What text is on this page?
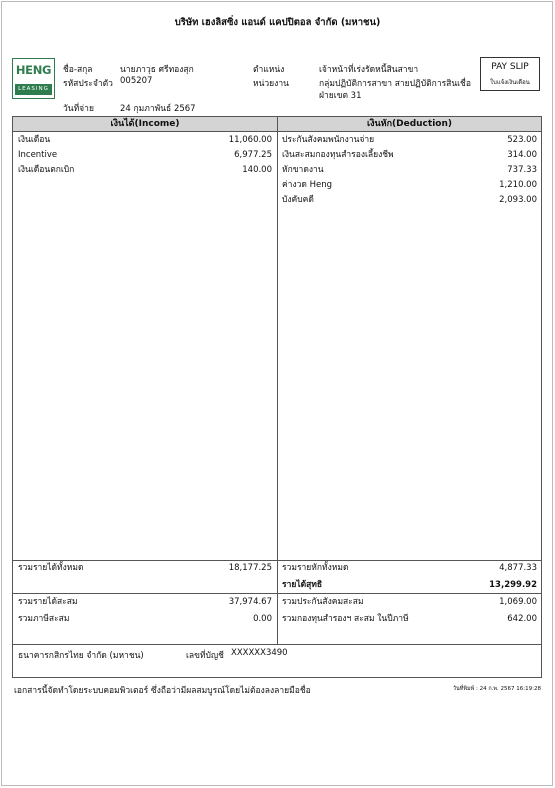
บริษัท เฮงลิสซิ่ง แอนด์ แคปปิตอล จำกัด (มหาชน)
HENG
LEASING
ชื่อ-สกุล	นายภาวุธ ศรีทองสุก
รหัสประจำตัว 005207
วันที่จ่าย	24 กุมภาพันธ์ 2567
ตำแหน่ง	เจ้าหน้าที่เร่งรัดหนี้สินสาขา
หน่วยงาน	กลุ่มปฏิบัติการสาขา สายปฏิบัติการสินเชื่อ
ฝ่ายเขต 31
PAY SLIP
ใบแจ้งเงินเดือน
เงินได้(Income)	เงินหัก(Deduction)
เงินเดือน	11,060.00
Incentive	6,977.25
เงินเดือนตกเบิก	140.00
ประกันสังคมพนักงานจ่าย	523.00
เงินสะสมกองทุนสำรองเลี้ยงชีพ	314.00
หักขาดงาน	737.33
ค่างวด Heng	1,210.00
บังคับคดี	2,093.00
รวมรายได้ทั้งหมด	18,177.25 รวมรายหักทั้งหมด	4,877.33
รายได้สุทธิ	13,299.92
รวมรายได้สะสม	37,974.67
รวมภาษีสะสม	0.00
รวมประกันสังคมสะสม	1,069.00
รวมกองทุนสำรองฯ สะสม ในปีภาษี	642.00
ธนาคารกสิกรไทย จำกัด (มหาชน)	เลขที่บัญชี XXXXXX3490
เอกสารนี้จัดทำโดยระบบคอมพิวเตอร์ ซึ่งถือว่ามีผลสมบูรณ์โดยไม่ต้องลงลายมือชื่อ	วันที่พิมพ์ : 24 ก.พ. 2567 16:19:28
